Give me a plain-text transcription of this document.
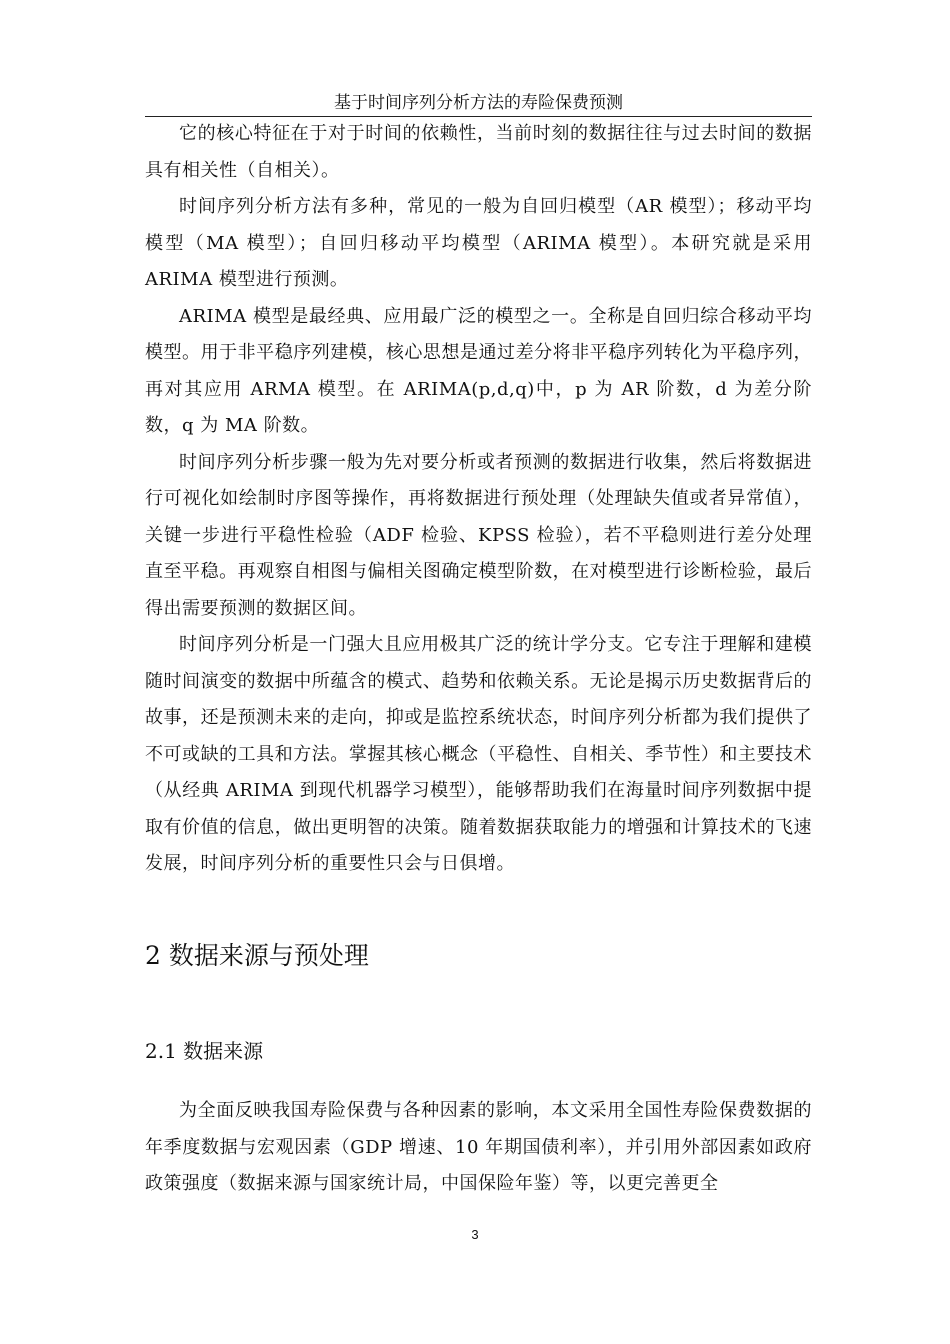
基于时间序列分析方法的寿险保费预测

它的核心特征在于对于时间的依赖性，当前时刻的数据往往与过去时间的数据具有相关性（自相关）。

时间序列分析方法有多种，常见的一般为自回归模型（AR 模型）；移动平均模型（MA 模型）；自回归移动平均模型（ARIMA 模型）。本研究就是采用 ARIMA 模型进行预测。

ARIMA 模型是最经典、应用最广泛的模型之一。全称是自回归综合移动平均模型。用于非平稳序列建模，核心思想是通过差分将非平稳序列转化为平稳序列，再对其应用 ARMA 模型。在 ARIMA(p,d,q)中，p 为 AR 阶数，d 为差分阶数，q 为 MA 阶数。

时间序列分析步骤一般为先对要分析或者预测的数据进行收集，然后将数据进行可视化如绘制时序图等操作，再将数据进行预处理（处理缺失值或者异常值），关键一步进行平稳性检验（ADF 检验、KPSS 检验），若不平稳则进行差分处理直至平稳。再观察自相图与偏相关图确定模型阶数，在对模型进行诊断检验，最后得出需要预测的数据区间。

时间序列分析是一门强大且应用极其广泛的统计学分支。它专注于理解和建模随时间演变的数据中所蕴含的模式、趋势和依赖关系。无论是揭示历史数据背后的故事，还是预测未来的走向，抑或是监控系统状态，时间序列分析都为我们提供了不可或缺的工具和方法。掌握其核心概念（平稳性、自相关、季节性）和主要技术（从经典 ARIMA 到现代机器学习模型），能够帮助我们在海量时间序列数据中提取有价值的信息，做出更明智的决策。随着数据获取能力的增强和计算技术的飞速发展，时间序列分析的重要性只会与日俱增。

2 数据来源与预处理
2.1 数据来源

为全面反映我国寿险保费与各种因素的影响，本文采用全国性寿险保费数据的年季度数据与宏观因素（GDP 增速、10 年期国债利率），并引用外部因素如政府政策强度（数据来源与国家统计局，中国保险年鉴）等，以更完善更全

3
